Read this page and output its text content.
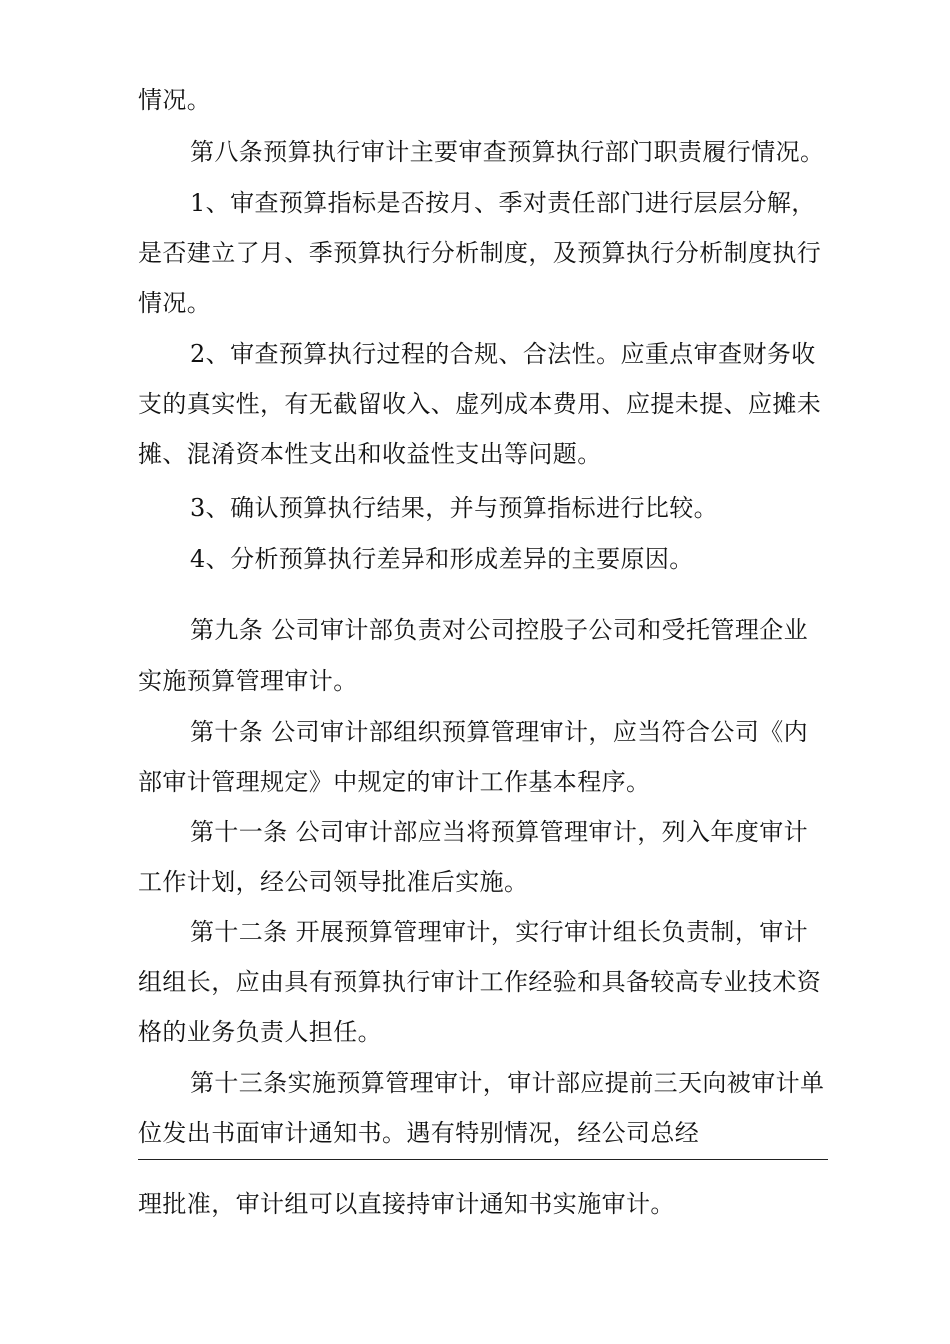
情况。
第八条预算执行审计主要审查预算执行部门职责履行情况。
1、审查预算指标是否按月、季对责任部门进行层层分解，
是否建立了月、季预算执行分析制度，及预算执行分析制度执行
情况。
2、审查预算执行过程的合规、合法性。应重点审查财务收
支的真实性，有无截留收入、虚列成本费用、应提未提、应摊未
摊、混淆资本性支出和收益性支出等问题。
3、确认预算执行结果，并与预算指标进行比较。
4、分析预算执行差异和形成差异的主要原因。
第九条 公司审计部负责对公司控股子公司和受托管理企业
实施预算管理审计。
第十条 公司审计部组织预算管理审计，应当符合公司《内
部审计管理规定》中规定的审计工作基本程序。
第十一条 公司审计部应当将预算管理审计，列入年度审计
工作计划，经公司领导批准后实施。
第十二条 开展预算管理审计，实行审计组长负责制，审计
组组长，应由具有预算执行审计工作经验和具备较高专业技术资
格的业务负责人担任。
第十三条实施预算管理审计，审计部应提前三天向被审计单
位发出书面审计通知书。遇有特别情况，经公司总经
理批准，审计组可以直接持审计通知书实施审计。
